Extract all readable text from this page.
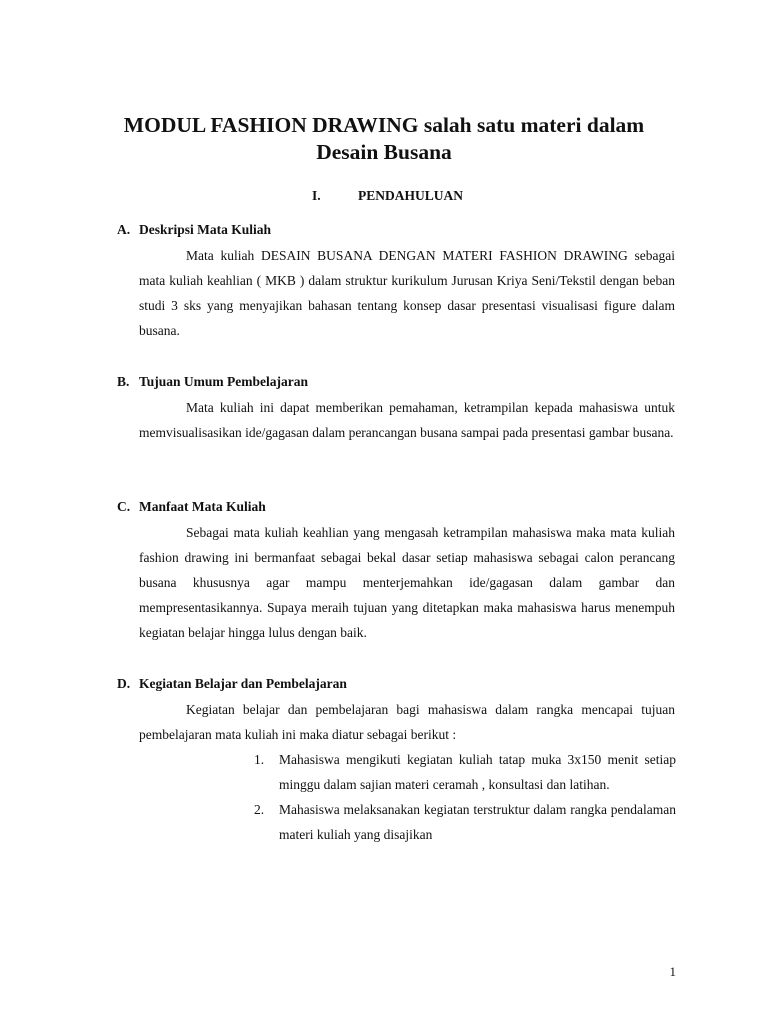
MODUL FASHION DRAWING salah satu materi dalam
Desain Busana
I.	PENDAHULUAN
A. Deskripsi Mata Kuliah

Mata kuliah DESAIN BUSANA DENGAN MATERI FASHION DRAWING sebagai mata kuliah keahlian ( MKB ) dalam struktur kurikulum Jurusan Kriya Seni/Tekstil dengan beban studi 3 sks yang menyajikan bahasan tentang konsep dasar presentasi visualisasi figure dalam busana.

B. Tujuan Umum Pembelajaran

Mata kuliah ini dapat memberikan pemahaman, ketrampilan kepada mahasiswa untuk memvisualisasikan ide/gagasan dalam perancangan busana sampai pada presentasi gambar busana.

C. Manfaat Mata Kuliah

Sebagai mata kuliah keahlian yang mengasah ketrampilan mahasiswa maka mata kuliah fashion drawing ini bermanfaat sebagai bekal dasar setiap mahasiswa sebagai calon perancang busana khususnya agar mampu menterjemahkan ide/gagasan dalam gambar dan mempresentasikannya. Supaya meraih tujuan yang ditetapkan maka mahasiswa harus menempuh kegiatan belajar hingga lulus dengan baik.

D. Kegiatan Belajar dan Pembelajaran

Kegiatan belajar dan pembelajaran bagi mahasiswa dalam rangka mencapai tujuan pembelajaran mata kuliah ini maka diatur sebagai berikut :

1. Mahasiswa mengikuti kegiatan kuliah tatap muka 3x150 menit setiap minggu dalam sajian materi ceramah , konsultasi dan latihan.
2. Mahasiswa melaksanakan kegiatan terstruktur dalam rangka pendalaman materi kuliah yang disajikan
1
